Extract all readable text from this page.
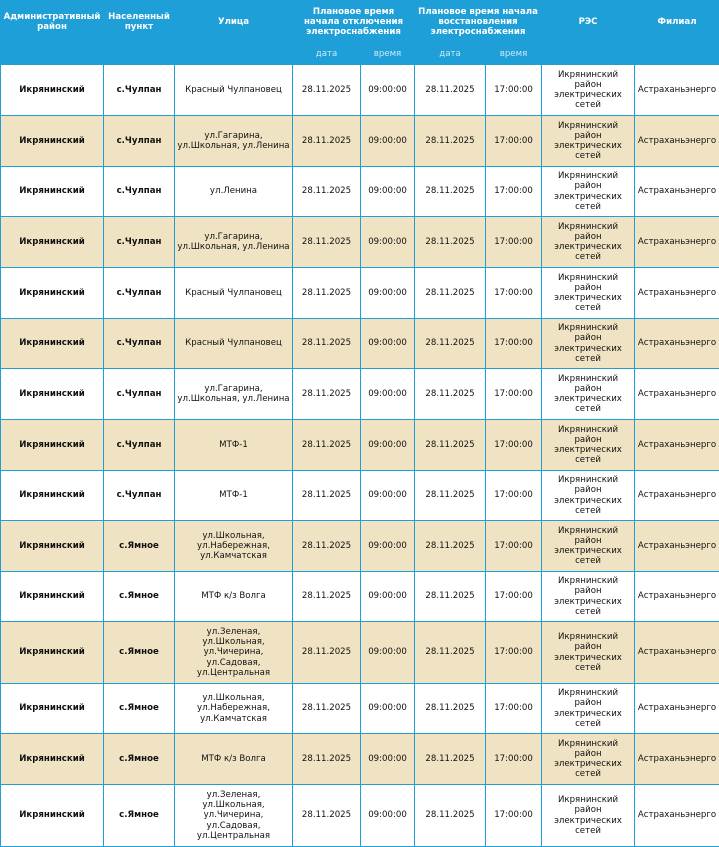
Административный район	Населенный пункт	Улица	Плановое время начала отключения электроснабжения		Плановое время начала восстановления электроснабжения		РЭС	Филиал
			дата	время	дата	время		
Икрянинский	с.Чулпан	Красный Чулпановец	28.11.2025	09:00:00	28.11.2025	17:00:00	Икрянинский район электрических сетей	Астраханьэнерго
Икрянинский	с.Чулпан	ул.Гагарина, ул.Школьная, ул.Ленина	28.11.2025	09:00:00	28.11.2025	17:00:00	Икрянинский район электрических сетей	Астраханьэнерго
Икрянинский	с.Чулпан	ул.Ленина	28.11.2025	09:00:00	28.11.2025	17:00:00	Икрянинский район электрических сетей	Астраханьэнерго
Икрянинский	с.Чулпан	ул.Гагарина, ул.Школьная, ул.Ленина	28.11.2025	09:00:00	28.11.2025	17:00:00	Икрянинский район электрических сетей	Астраханьэнерго
Икрянинский	с.Чулпан	Красный Чулпановец	28.11.2025	09:00:00	28.11.2025	17:00:00	Икрянинский район электрических сетей	Астраханьэнерго
Икрянинский	с.Чулпан	Красный Чулпановец	28.11.2025	09:00:00	28.11.2025	17:00:00	Икрянинский район электрических сетей	Астраханьэнерго
Икрянинский	с.Чулпан	ул.Гагарина, ул.Школьная, ул.Ленина	28.11.2025	09:00:00	28.11.2025	17:00:00	Икрянинский район электрических сетей	Астраханьэнерго
Икрянинский	с.Чулпан	МТФ-1	28.11.2025	09:00:00	28.11.2025	17:00:00	Икрянинский район электрических сетей	Астраханьэнерго
Икрянинский	с.Чулпан	МТФ-1	28.11.2025	09:00:00	28.11.2025	17:00:00	Икрянинский район электрических сетей	Астраханьэнерго
Икрянинский	с.Ямное	ул.Школьная, ул.Набережная, ул.Камчатская	28.11.2025	09:00:00	28.11.2025	17:00:00	Икрянинский район электрических сетей	Астраханьэнерго
Икрянинский	с.Ямное	МТФ к/з Волга	28.11.2025	09:00:00	28.11.2025	17:00:00	Икрянинский район электрических сетей	Астраханьэнерго
Икрянинский	с.Ямное	ул.Зеленая, ул.Школьная, ул.Чичерина, ул.Садовая, ул.Центральная	28.11.2025	09:00:00	28.11.2025	17:00:00	Икрянинский район электрических сетей	Астраханьэнерго
Икрянинский	с.Ямное	ул.Школьная, ул.Набережная, ул.Камчатская	28.11.2025	09:00:00	28.11.2025	17:00:00	Икрянинский район электрических сетей	Астраханьэнерго
Икрянинский	с.Ямное	МТФ к/з Волга	28.11.2025	09:00:00	28.11.2025	17:00:00	Икрянинский район электрических сетей	Астраханьэнерго
Икрянинский	с.Ямное	ул.Зеленая, ул.Школьная, ул.Чичерина, ул.Садовая, ул.Центральная	28.11.2025	09:00:00	28.11.2025	17:00:00	Икрянинский район электрических сетей	Астраханьэнерго
